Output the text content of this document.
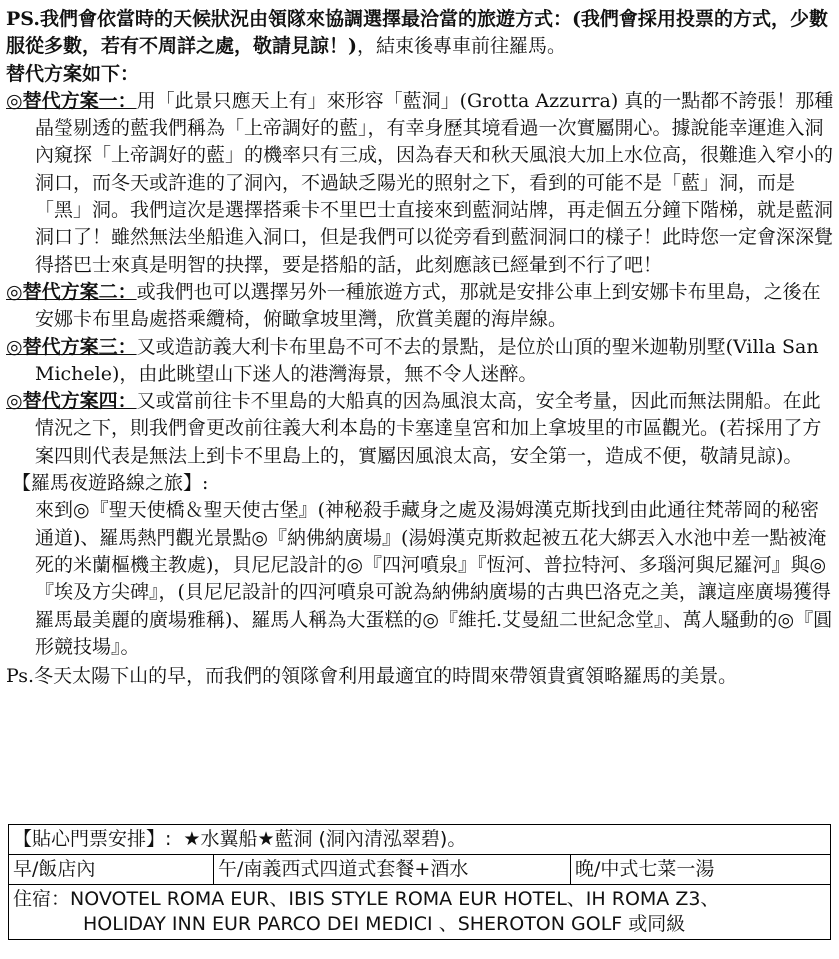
PS.我們會依當時的天候狀況由領隊來協調選擇最洽當的旅遊方式：(我們會採用投票的方式，少數服從多數，若有不周詳之處，敬請見諒！)，結束後專車前往羅馬。

替代方案如下：

◎替代方案一：用「此景只應天上有」來形容「藍洞」(Grotta Azzurra) 真的一點都不誇張！那種晶瑩剔透的藍我們稱為「上帝調好的藍」，有幸身歷其境看過一次實屬開心。據說能幸運進入洞內窺探「上帝調好的藍」的機率只有三成，因為春天和秋天風浪大加上水位高，很難進入窄小的洞口，而冬天或許進的了洞內，不過缺乏陽光的照射之下，看到的可能不是「藍」洞，而是「黑」洞。我們這次是選擇搭乘卡不里巴士直接來到藍洞站牌，再走個五分鐘下階梯，就是藍洞洞口了！雖然無法坐船進入洞口，但是我們可以從旁看到藍洞洞口的樣子！此時您一定會深深覺得搭巴士來真是明智的抉擇，要是搭船的話，此刻應該已經暈到不行了吧！

◎替代方案二：或我們也可以選擇另外一種旅遊方式，那就是安排公車上到安娜卡布里島，之後在安娜卡布里島處搭乘纜椅，俯瞰拿坡里灣，欣賞美麗的海岸線。

◎替代方案三：又或造訪義大利卡布里島不可不去的景點，是位於山頂的聖米迦勒別墅(Villa San Michele)，由此眺望山下迷人的港灣海景，無不令人迷醉。

◎替代方案四：又或當前往卡不里島的大船真的因為風浪太高，安全考量，因此而無法開船。在此情況之下，則我們會更改前往義大利本島的卡塞達皇宮和加上拿坡里的市區觀光。(若採用了方案四則代表是無法上到卡不里島上的，實屬因風浪太高，安全第一，造成不便，敬請見諒)。

【羅馬夜遊路線之旅】:

來到◎『聖天使橋＆聖天使古堡』(神秘殺手藏身之處及湯姆漢克斯找到由此通往梵蒂岡的秘密通道)、羅馬熱門觀光景點◎『納佛納廣場』(湯姆漢克斯救起被五花大綁丟入水池中差一點被淹死的米蘭樞機主教處)，貝尼尼設計的◎『四河噴泉』『恆河、普拉特河、多瑙河與尼羅河』與◎『埃及方尖碑』，(貝尼尼設計的四河噴泉可說為納佛納廣場的古典巴洛克之美，讓這座廣場獲得羅馬最美麗的廣場雅稱)、羅馬人稱為大蛋糕的◎『維托.艾曼紐二世紀念堂』、萬人騷動的◎『圓形競技場』。

Ps.冬天太陽下山的早，而我們的領隊會利用最適宜的時間來帶領貴賓領略羅馬的美景。

【貼心門票安排】: ★水翼船★藍洞 (洞內清泓翠碧)。
早/飯店內	午/南義西式四道式套餐+酒水	晚/中式七菜一湯
住宿：NOVOTEL ROMA EUR、IBIS STYLE ROMA EUR HOTEL、IH ROMA Z3、
HOLIDAY INN EUR PARCO DEI MEDICI 、SHEROTON GOLF 或同級
